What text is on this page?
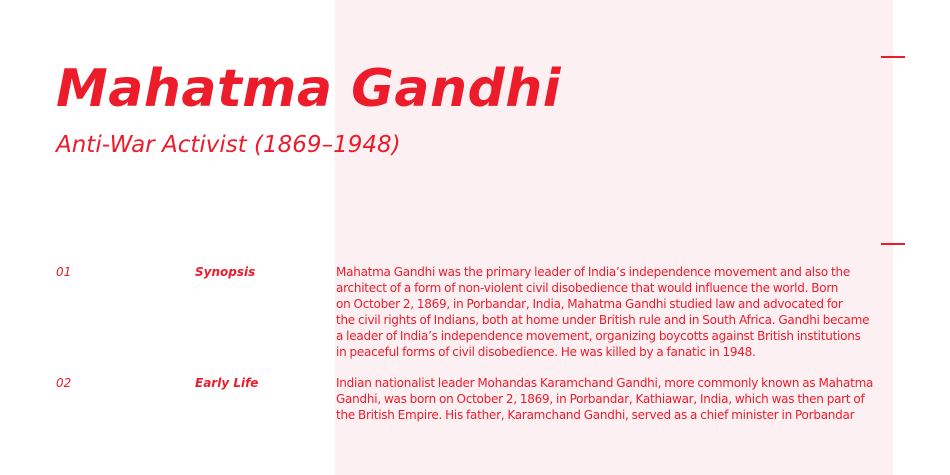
Mahatma Gandhi
Anti-War Activist (1869–1948)
01	Synopsis	Mahatma Gandhi was the primary leader of India’s independence movement and also the
architect of a form of non-violent civil disobedience that would influence the world. Born
on October 2, 1869, in Porbandar, India, Mahatma Gandhi studied law and advocated for
the civil rights of Indians, both at home under British rule and in South Africa. Gandhi became
a leader of India’s independence movement, organizing boycotts against British institutions
in peaceful forms of civil disobedience. He was killed by a fanatic in 1948.
02	Early Life	Indian nationalist leader Mohandas Karamchand Gandhi, more commonly known as Mahatma
Gandhi, was born on October 2, 1869, in Porbandar, Kathiawar, India, which was then part of
the British Empire. His father, Karamchand Gandhi, served as a chief minister in Porbandar
